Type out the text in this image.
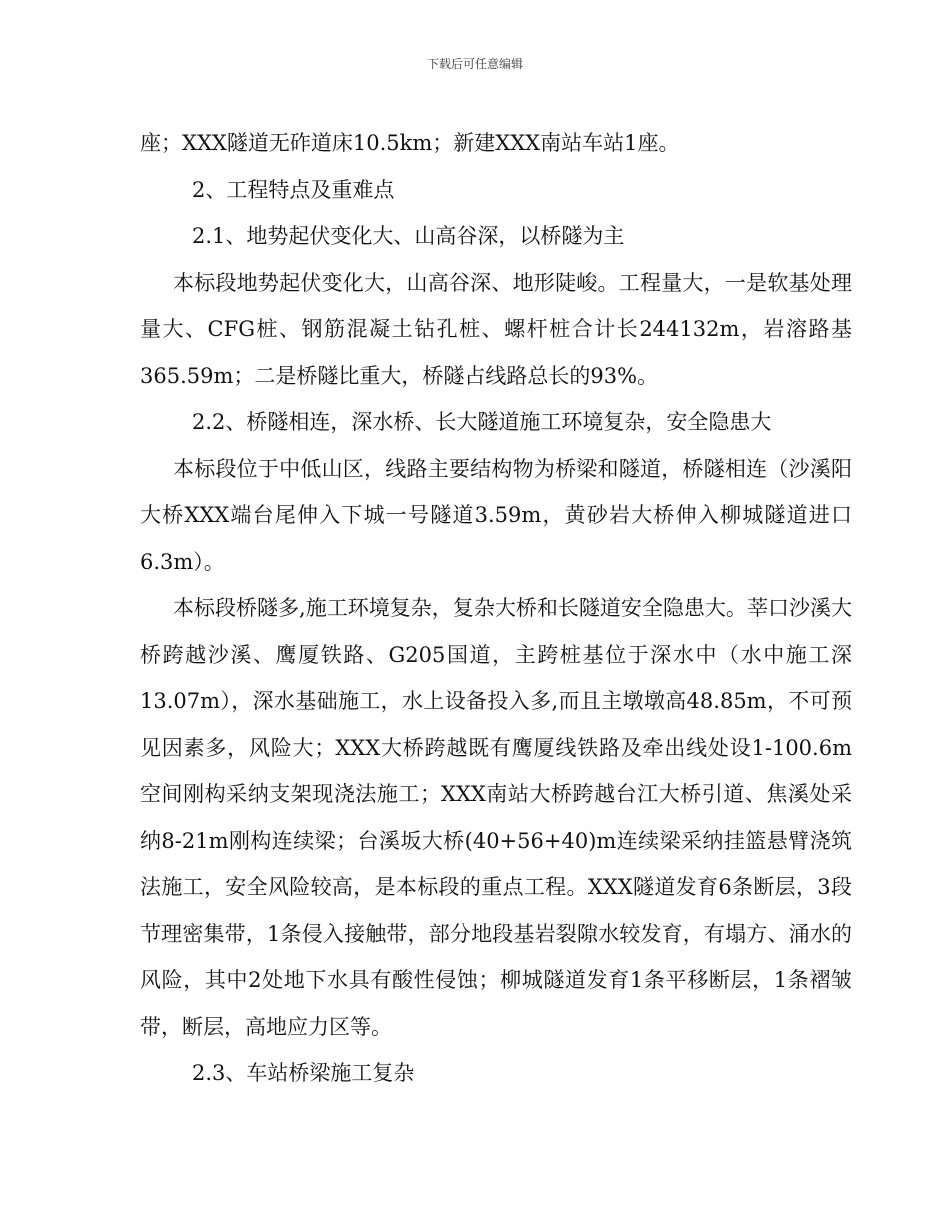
下载后可任意编辑

座；XXX隧道无砟道床10.5km；新建XXX南站车站1座。

2、工程特点及重难点

2.1、地势起伏变化大、山高谷深，以桥隧为主

本标段地势起伏变化大，山高谷深、地形陡峻。工程量大，一是软基处理量大、CFG桩、钢筋混凝土钻孔桩、螺杆桩合计长244132m，岩溶路基365.59m；二是桥隧比重大，桥隧占线路总长的93%。

2.2、桥隧相连，深水桥、长大隧道施工环境复杂，安全隐患大

本标段位于中低山区，线路主要结构物为桥梁和隧道，桥隧相连（沙溪阳大桥XXX端台尾伸入下城一号隧道3.59m，黄砂岩大桥伸入柳城隧道进口6.3m）。

本标段桥隧多,施工环境复杂，复杂大桥和长隧道安全隐患大。莘口沙溪大桥跨越沙溪、鹰厦铁路、G205国道，主跨桩基位于深水中（水中施工深13.07m），深水基础施工，水上设备投入多,而且主墩墩高48.85m，不可预见因素多，风险大；XXX大桥跨越既有鹰厦线铁路及牵出线处设1-100.6m空间刚构采纳支架现浇法施工；XXX南站大桥跨越台江大桥引道、焦溪处采纳8-21m刚构连续梁；台溪坂大桥(40+56+40)m连续梁采纳挂篮悬臂浇筑法施工，安全风险较高，是本标段的重点工程。XXX隧道发育6条断层，3段节理密集带，1条侵入接触带，部分地段基岩裂隙水较发育，有塌方、涌水的风险，其中2处地下水具有酸性侵蚀；柳城隧道发育1条平移断层，1条褶皱带，断层，高地应力区等。

2.3、车站桥梁施工复杂
